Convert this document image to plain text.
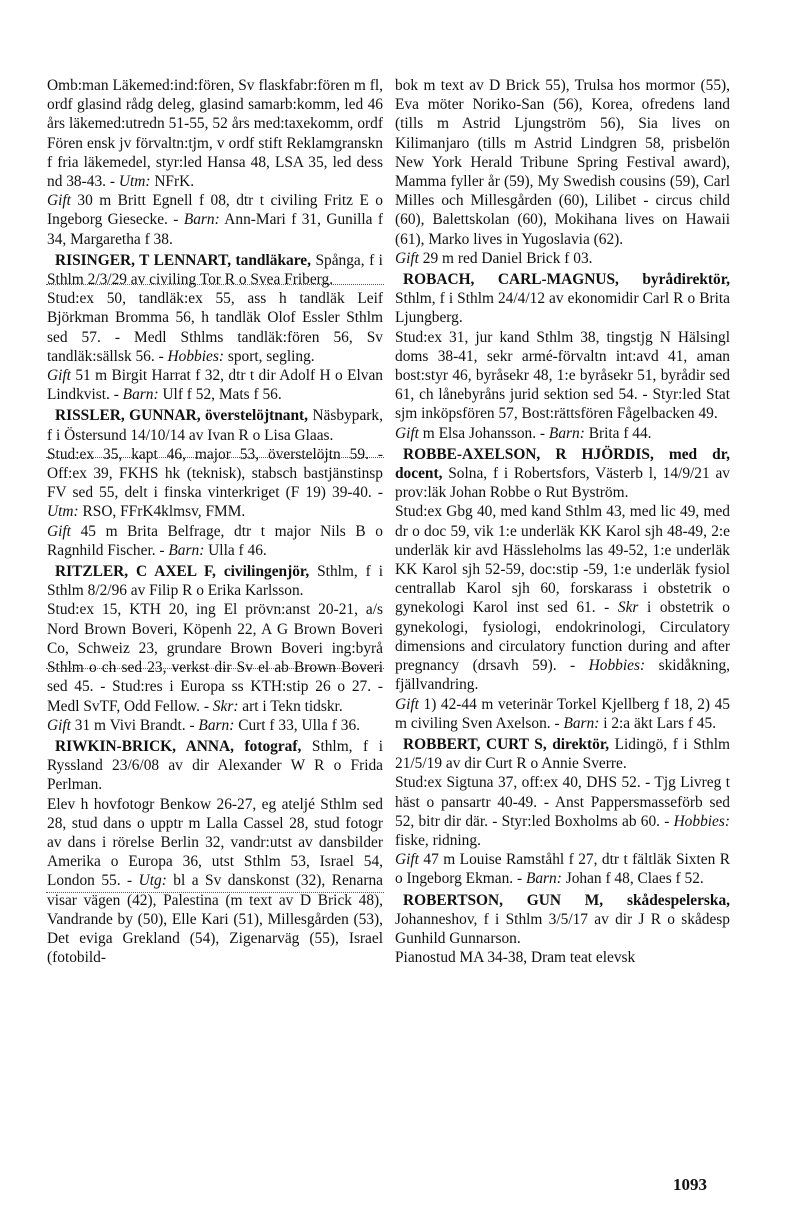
Omb:man Läkemed:ind:fören, Sv flaskfabr:fören m fl, ordf glasind rådg deleg, glasind samarb:komm, led 46 års läkemed:utredn 51-55, 52 års med:taxekomm, ordf Fören ensk jv förvaltn:tjm, v ordf stift Reklamgranskn f fria läkemedel, styr:led Hansa 48, LSA 35, led dess nd 38-43. - Utm: NFrK.

Gift 30 m Britt Egnell f 08, dtr t civiling Fritz E o Ingeborg Giesecke. - Barn: Ann-Mari f 31, Gunilla f 34, Margaretha f 38.

RISINGER, T LENNART, tandläkare, Spånga, f i Sthlm 2/3/29 av civiling Tor R o Svea Friberg.

Stud:ex 50, tandläk:ex 55, ass h tandläk Leif Björkman Bromma 56, h tandläk Olof Essler Sthlm sed 57. - Medl Sthlms tandläk:fören 56, Sv tandläk:sällsk 56. - Hobbies: sport, segling.

Gift 51 m Birgit Harrat f 32, dtr t dir Adolf H o Elvan Lindkvist. - Barn: Ulf f 52, Mats f 56.

RISSLER, GUNNAR, överstelöjtnant, Näsbypark, f i Östersund 14/10/14 av Ivan R o Lisa Glaas.

Stud:ex 35, kapt 46, major 53, överstelöjtn 59. - Off:ex 39, FKHS hk (teknisk), stabsch bastjänstinsp FV sed 55, delt i finska vinterkriget (F 19) 39-40. - Utm: RSO, FFrK4klmsv, FMM.

Gift 45 m Brita Belfrage, dtr t major Nils B o Ragnhild Fischer. - Barn: Ulla f 46.

RITZLER, C AXEL F, civilingenjör, Sthlm, f i Sthlm 8/2/96 av Filip R o Erika Karlsson.

Stud:ex 15, KTH 20, ing El prövn:anst 20-21, a/s Nord Brown Boveri, Köpenh 22, A G Brown Boveri Co, Schweiz 23, grundare Brown Boveri ing:byrå Sthlm o ch sed 23, verkst dir Sv el ab Brown Boveri sed 45. - Stud:res i Europa ss KTH:stip 26 o 27. - Medl SvTF, Odd Fellow. - Skr: art i Tekn tidskr.

Gift 31 m Vivi Brandt. - Barn: Curt f 33, Ulla f 36.

RIWKIN-BRICK, ANNA, fotograf, Sthlm, f i Ryssland 23/6/08 av dir Alexander W R o Frida Perlman.

Elev h hovfotogr Benkow 26-27, eg ateljé Sthlm sed 28, stud dans o upptr m Lalla Cassel 28, stud fotogr av dans i rörelse Berlin 32, vandr:utst av dansbilder Amerika o Europa 36, utst Sthlm 53, Israel 54, London 55. - Utg: bl a Sv danskonst (32), Renarna visar vägen (42), Palestina (m text av D Brick 48), Vandrande by (50), Elle Kari (51), Millesgården (53), Det eviga Grekland (54), Zigenarväg (55), Israel (fotobild-

bok m text av D Brick 55), Trulsa hos mormor (55), Eva möter Noriko-San (56), Korea, ofredens land (tills m Astrid Ljungström 56), Sia lives on Kilimanjaro (tills m Astrid Lindgren 58, prisbelön New York Herald Tribune Spring Festival award), Mamma fyller år (59), My Swedish cousins (59), Carl Milles och Millesgården (60), Lilibet - circus child (60), Balettskolan (60), Mokihana lives on Hawaii (61), Marko lives in Yugoslavia (62).

Gift 29 m red Daniel Brick f 03.

ROBACH, CARL-MAGNUS, byrådirektör, Sthlm, f i Sthlm 24/4/12 av ekonomidir Carl R o Brita Ljungberg.

Stud:ex 31, jur kand Sthlm 38, tingstjg N Hälsingl doms 38-41, sekr armé-förvaltn int:avd 41, aman bost:styr 46, byråsekr 48, 1:e byråsekr 51, byrådir sed 61, ch lånebyråns jurid sektion sed 54. - Styr:led Stat sjm inköpsfören 57, Bost:rättsfören Fågelbacken 49.

Gift m Elsa Johansson. - Barn: Brita f 44.

ROBBE-AXELSON, R HJÖRDIS, med dr, docent, Solna, f i Robertsfors, Västerb l, 14/9/21 av prov:läk Johan Robbe o Rut Byström.

Stud:ex Gbg 40, med kand Sthlm 43, med lic 49, med dr o doc 59, vik 1:e underläk KK Karol sjh 48-49, 2:e underläk kir avd Hässleholms las 49-52, 1:e underläk KK Karol sjh 52-59, doc:stip -59, 1:e underläk fysiol centrallab Karol sjh 60, forskarass i obstetrik o gynekologi Karol inst sed 61. - Skr i obstetrik o gynekologi, fysiologi, endokrinologi, Circulatory dimensions and circulatory function during and after pregnancy (drsavh 59). - Hobbies: skidåkning, fjällvandring.

Gift 1) 42-44 m veterinär Torkel Kjellberg f 18, 2) 45 m civiling Sven Axelson. - Barn: i 2:a äkt Lars f 45.

ROBBERT, CURT S, direktör, Lidingö, f i Sthlm 21/5/19 av dir Curt R o Annie Sverre.

Stud:ex Sigtuna 37, off:ex 40, DHS 52. - Tjg Livreg t häst o pansartr 40-49. - Anst Pappersmasseförb sed 52, bitr dir där. - Styr:led Boxholms ab 60. - Hobbies: fiske, ridning.

Gift 47 m Louise Ramståhl f 27, dtr t fältläk Sixten R o Ingeborg Ekman. - Barn: Johan f 48, Claes f 52.

ROBERTSON, GUN M, skådespelerska, Johanneshov, f i Sthlm 3/5/17 av dir J R o skådesp Gunhild Gunnarson.

Pianostud MA 34-38, Dram teat elevsk

1093
